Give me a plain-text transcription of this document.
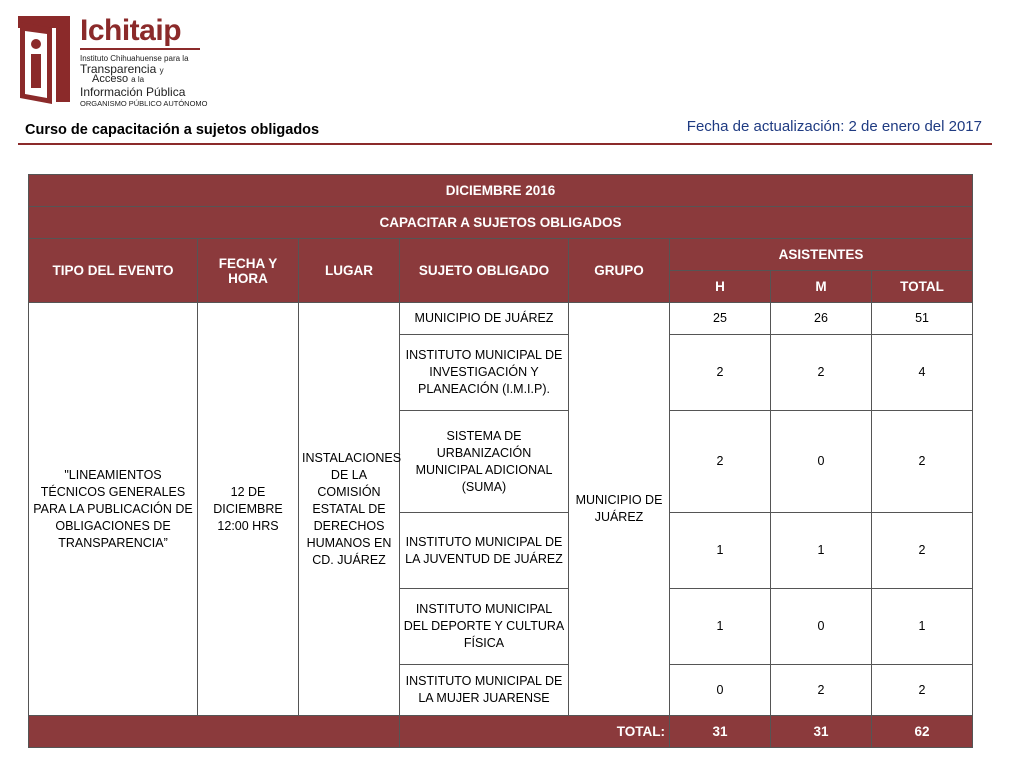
Ichitaip
Instituto Chihuahuense para la
Transparencia y
Acceso a la
Información Pública
ORGANISMO PÚBLICO AUTÓNOMO
Curso de capacitación a sujetos obligados	Fecha de actualización: 2 de enero del 2017
DICIEMBRE 2016							
CAPACITAR A SUJETOS OBLIGADOS							
TIPO DEL EVENTO	FECHA Y HORA	LUGAR	SUJETO OBLIGADO	GRUPO	ASISTENTES		
					H	M	TOTAL
"LINEAMIENTOS TÉCNICOS GENERALES PARA LA PUBLICACIÓN DE OBLIGACIONES DE TRANSPARENCIA”	12 DE DICIEMBRE 12:00 HRS	INSTALACIONES DE LA COMISIÓN ESTATAL DE DERECHOS HUMANOS EN CD. JUÁREZ	MUNICIPIO DE JUÁREZ	MUNICIPIO DE JUÁREZ	25	26	51
			INSTITUTO MUNICIPAL DE INVESTIGACIÓN Y PLANEACIÓN (I.M.I.P).		2	2	4
			SISTEMA DE URBANIZACIÓN MUNICIPAL ADICIONAL (SUMA)		2	0	2
			INSTITUTO MUNICIPAL DE LA JUVENTUD DE JUÁREZ		1	1	2
			INSTITUTO MUNICIPAL DEL DEPORTE Y CULTURA FÍSICA		1	0	1
			INSTITUTO MUNICIPAL DE LA MUJER JUARENSE		0	2	2
			TOTAL:		31	31	62
